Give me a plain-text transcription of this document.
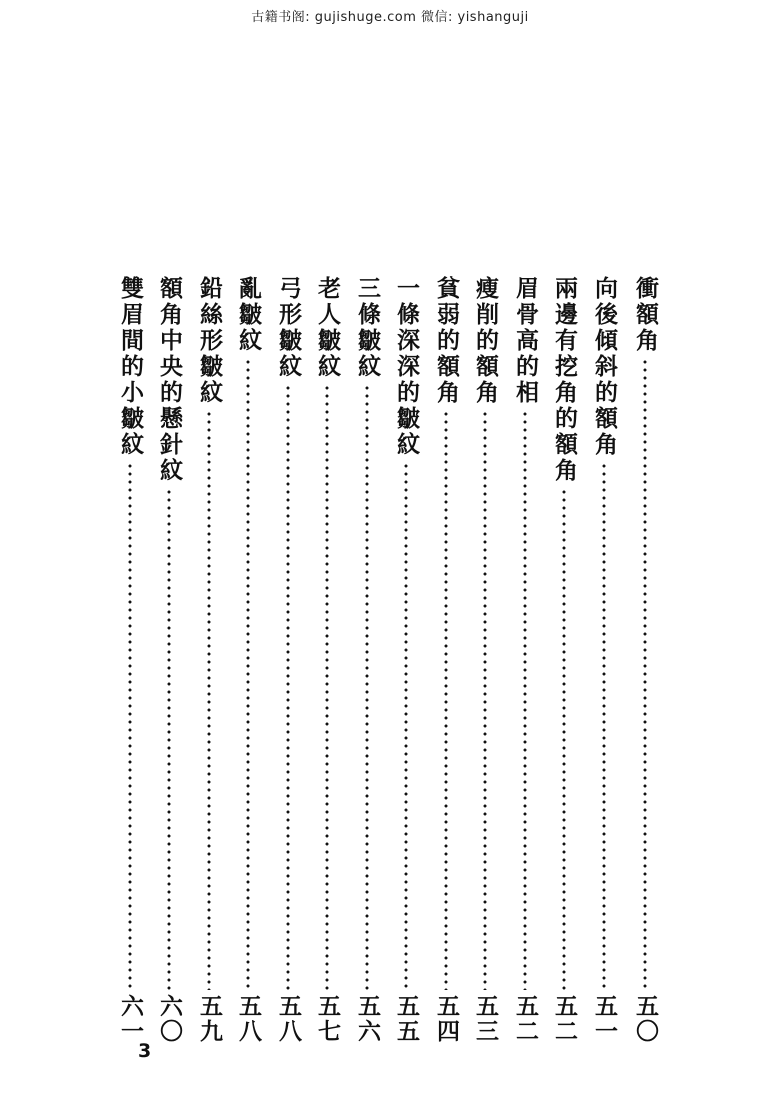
古籍书阁: gujishuge.com 微信: yishanguji
衝額角
五〇
向後傾斜的額角
五一
兩邊有挖角的額角
五二
眉骨高的相
五二
瘦削的額角
五三
貧弱的額角
五四
一條深深的皺紋
五五
三條皺紋
五六
老人皺紋
五七
弓形皺紋
五八
亂皺紋
五八
鉛絲形皺紋
五九
額角中央的懸針紋
六〇
雙眉間的小皺紋
六一
3
